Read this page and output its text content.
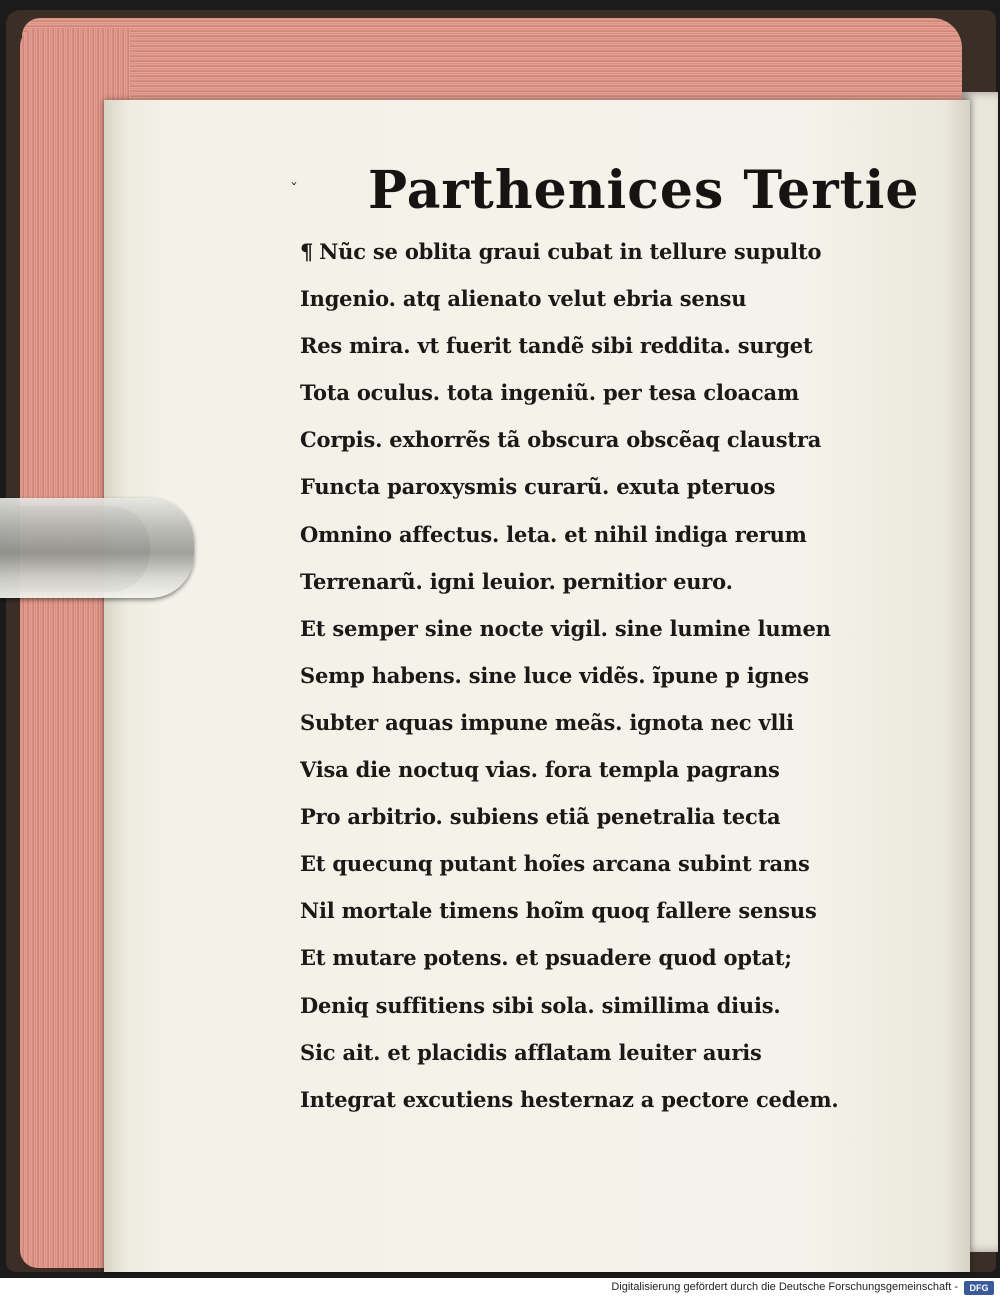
ˇ Parthenices Tertie
¶ Nũc se oblita graui cubat in tellure supulto
Ingenio. atq alienato velut ebria sensu
Res mira. vt fuerit tandẽ sibi reddita. surget
Tota oculus. tota ingeniũ. per tesa cloacam
Corpis. exhorrẽs tã obscura obscẽaq claustra
Functa paroxysmis curarũ. exuta pteruos
Omnino affectus. leta. et nihil indiga rerum
Terrenarũ. igni leuior. pernitior euro.
Et semper sine nocte vigil. sine lumine lumen
Semp habens. sine luce vidẽs. ĩpune p ignes
Subter aquas impune meãs. ignota nec vlli
Visa die noctuq vias. fora templa pagrans
Pro arbitrio. subiens etiã penetralia tecta
Et quecunq putant hoĩes arcana subint rans
Nil mortale timens hoĩm quoq fallere sensus
Et mutare potens. et psuadere quod optat;
Deniq suffitiens sibi sola. simillima diuis.
Sic ait. et placidis afflatam leuiter auris
Integrat excutiens hesternaz a pectore cedem.
Digitalisierung gefördert durch die Deutsche Forschungsgemeinschaft -	DFG
